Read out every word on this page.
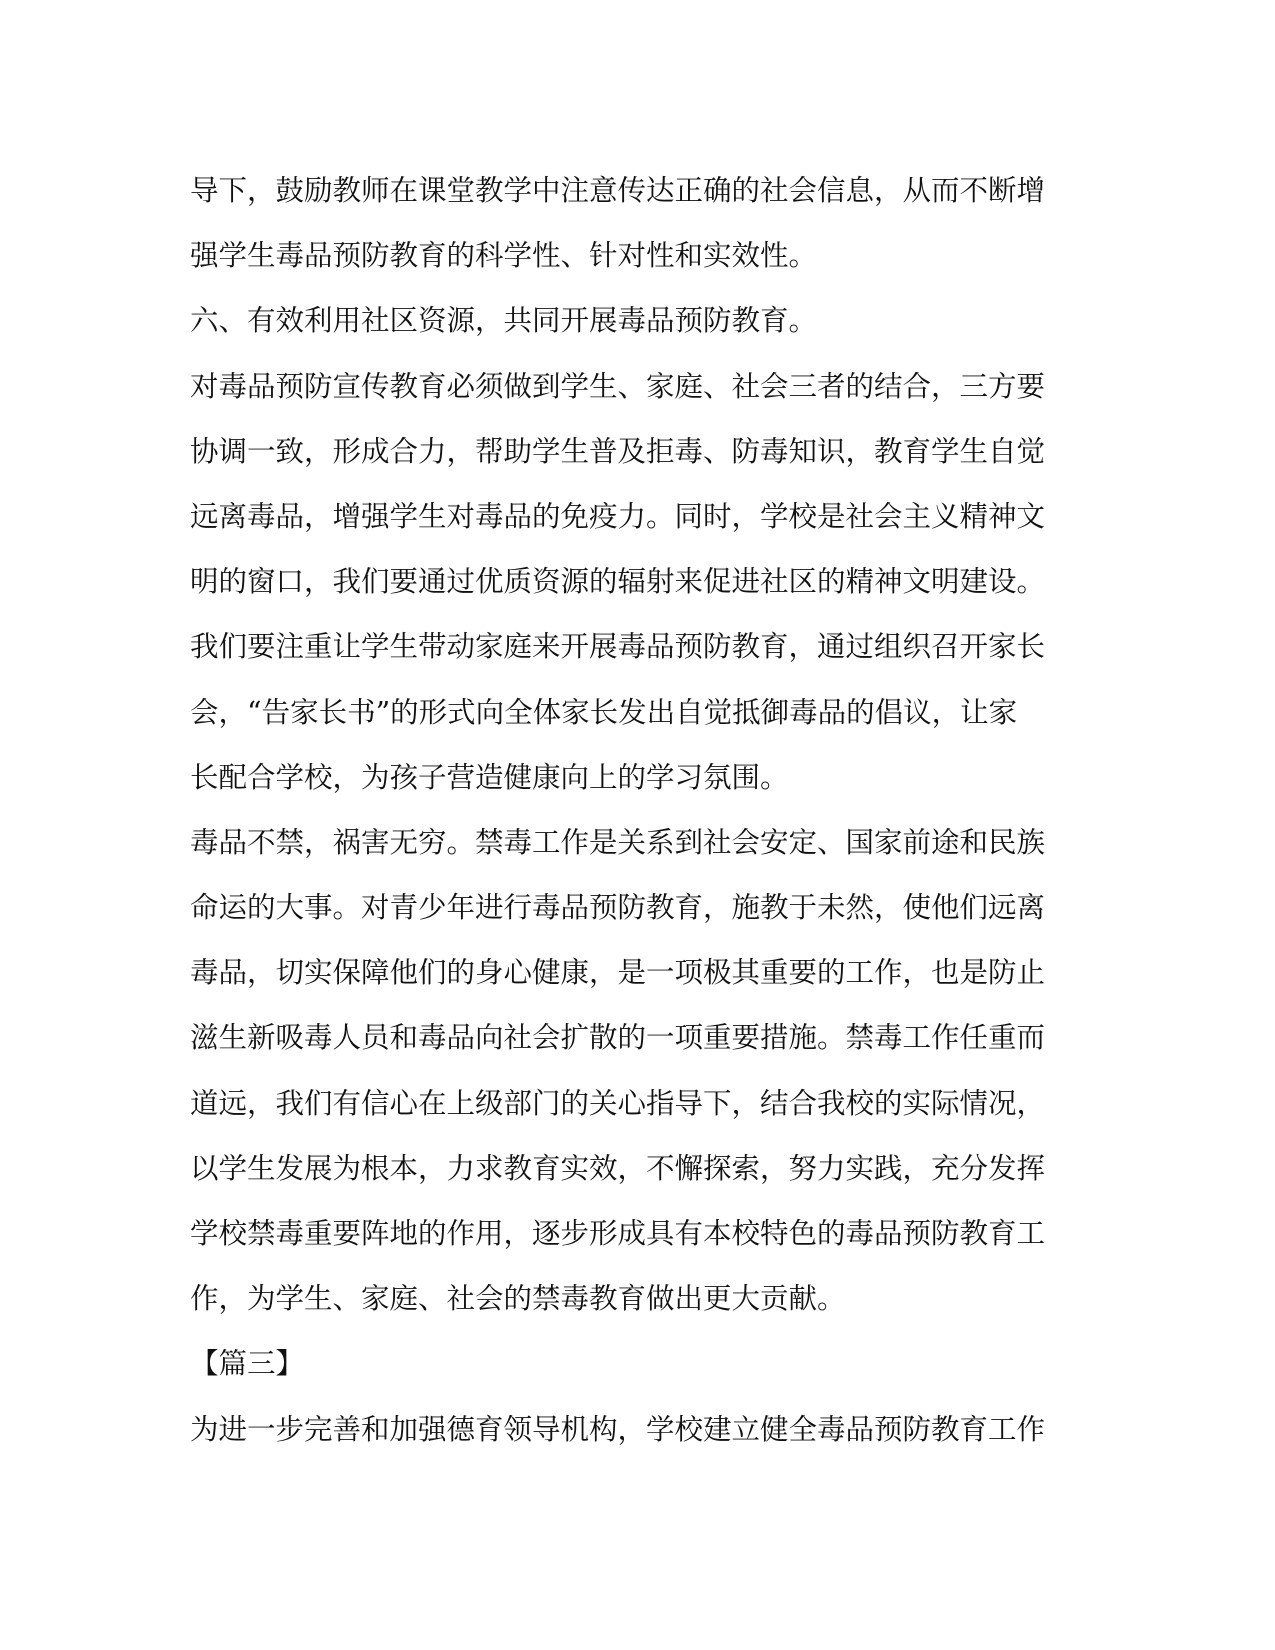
导下，鼓励教师在课堂教学中注意传达正确的社会信息，从而不断增
强学生毒品预防教育的科学性、针对性和实效性。
六、有效利用社区资源，共同开展毒品预防教育。
对毒品预防宣传教育必须做到学生、家庭、社会三者的结合，三方要
协调一致，形成合力，帮助学生普及拒毒、防毒知识，教育学生自觉
远离毒品，增强学生对毒品的免疫力。同时，学校是社会主义精神文
明的窗口，我们要通过优质资源的辐射来促进社区的精神文明建设。
我们要注重让学生带动家庭来开展毒品预防教育，通过组织召开家长
会，“告家长书”的形式向全体家长发出自觉抵御毒品的倡议，让家
长配合学校，为孩子营造健康向上的学习氛围。
毒品不禁，祸害无穷。禁毒工作是关系到社会安定、国家前途和民族
命运的大事。对青少年进行毒品预防教育，施教于未然，使他们远离
毒品，切实保障他们的身心健康，是一项极其重要的工作，也是防止
滋生新吸毒人员和毒品向社会扩散的一项重要措施。禁毒工作任重而
道远，我们有信心在上级部门的关心指导下，结合我校的实际情况，
以学生发展为根本，力求教育实效，不懈探索，努力实践，充分发挥
学校禁毒重要阵地的作用，逐步形成具有本校特色的毒品预防教育工
作，为学生、家庭、社会的禁毒教育做出更大贡献。
【篇三】
为进一步完善和加强德育领导机构，学校建立健全毒品预防教育工作
